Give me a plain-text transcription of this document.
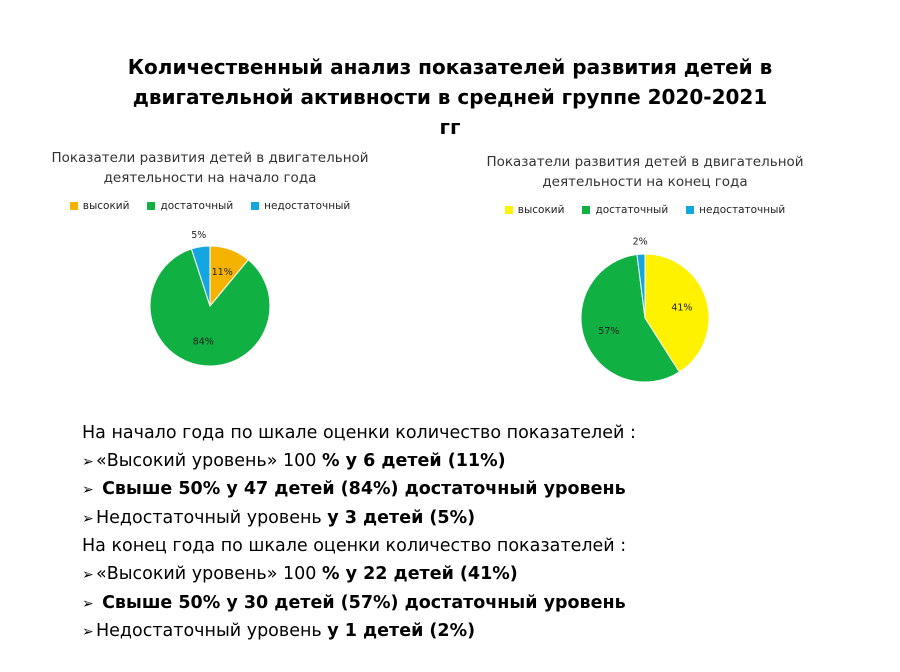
Количественный анализ показателей развития детей в
двигательной активности в средней группе 2020-2021 гг
Показатели развития детей в двигательной
деятельности на начало года
высокий	достаточный	недостаточный
11%
84%
5%
Показатели развития детей в двигательной
деятельности на конец года
высокий	достаточный	недостаточный
41%
57%
2%
На начало года по шкале оценки количество показателей :
➢ «Высокий уровень» 100 % у 6 детей (11%)
➢ Свыше 50% у 47 детей (84%) достаточный уровень
➢ Недостаточный уровень у 3 детей (5%)
На конец года по шкале оценки количество показателей :
➢ «Высокий уровень» 100 % у 22 детей (41%)
➢ Свыше 50% у 30 детей (57%) достаточный уровень
➢ Недостаточный уровень у 1 детей (2%)
